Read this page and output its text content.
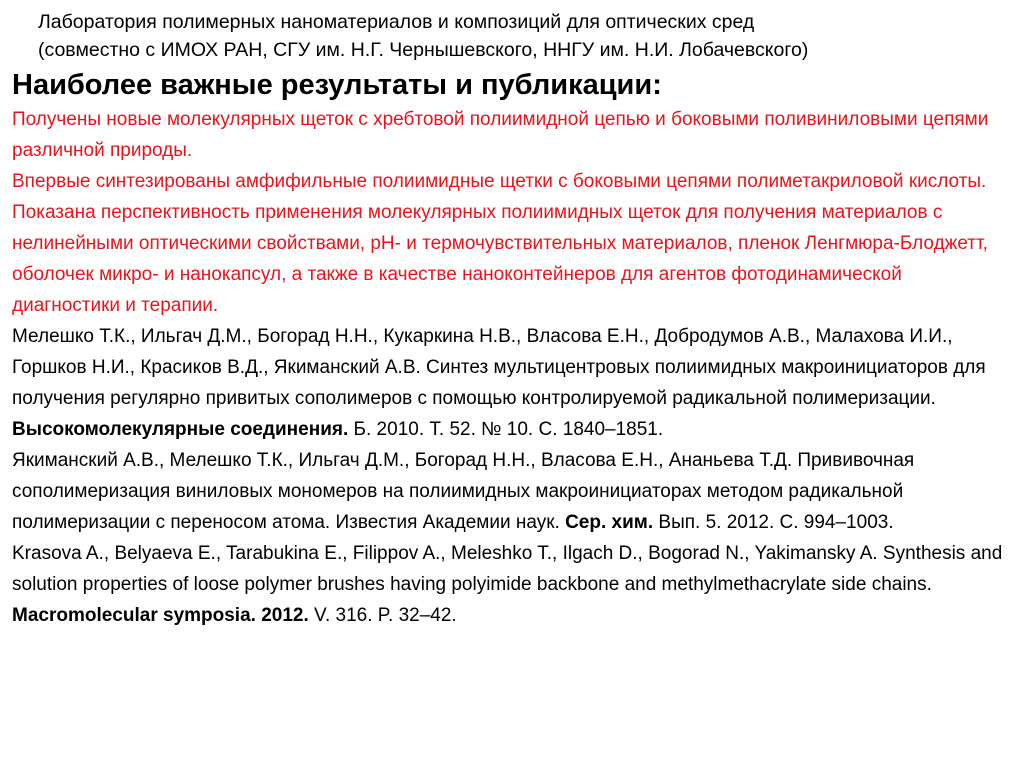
Лаборатория полимерных наноматериалов и композиций для оптических сред
(совместно с ИМОХ РАН, СГУ им. Н.Г. Чернышевского, ННГУ им. Н.И. Лобачевского)
Наиболее важные результаты и публикации:

Получены новые молекулярных щеток с хребтовой полиимидной цепью и боковыми поливиниловыми цепями различной природы.

Впервые синтезированы амфифильные полиимидные щетки с боковыми цепями полиметакриловой кислоты.

Показана перспективность применения молекулярных полиимидных щеток для получения материалов с нелинейными оптическими свойствами, рН- и термочувствительных материалов, пленок Ленгмюра-Блоджетт, оболочек микро- и нанокапсул, а также в качестве наноконтейнеров для агентов фотодинамической диагностики и терапии.

Мелешко Т.К., Ильгач Д.М., Богорад Н.Н., Кукаркина Н.В., Власова Е.Н., Добродумов А.В., Малахова И.И., Горшков Н.И., Красиков В.Д., Якиманский А.В. Синтез мультицентровых полиимидных макроинициаторов для получения регулярно привитых сополимеров с помощью контролируемой радикальной полимеризации. Высокомолекулярные соединения. Б. 2010. Т. 52. № 10. С. 1840–1851.

Якиманский А.В., Мелешко Т.К., Ильгач Д.М., Богорад Н.Н., Власова Е.Н., Ананьева Т.Д. Прививочная сополимеризация виниловых мономеров на полиимидных макроинициаторах методом радикальной полимеризации с переносом атома. Известия Академии наук. Сер. хим. Вып. 5. 2012. С. 994–1003.

Krasova A., Belyaeva E., Tarabukina E., Filippov A., Meleshko T., Ilgach D., Bogorad N., Yakimansky A. Synthesis and solution properties of loose polymer brushes having polyimide backbone and methylmethacrylate side chains. Macromolecular symposia. 2012. V. 316. P. 32–42.
